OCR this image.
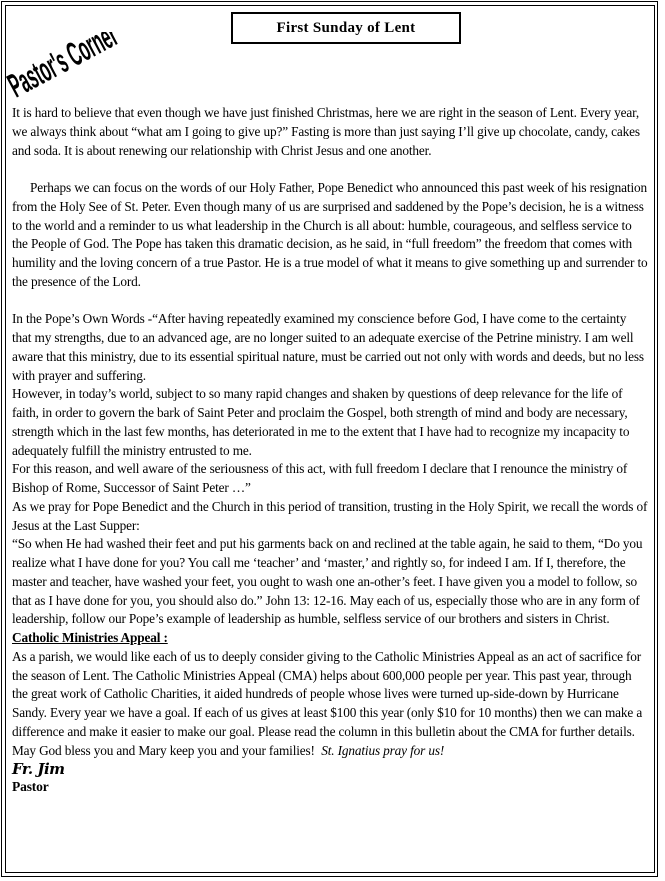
Pastor's Corner	First Sunday of Lent

It is hard to believe that even though we have just finished Christmas, here we are right in the season of Lent. Every year, we always think about “what am I going to give up?” Fasting is more than just saying I’ll give up chocolate, candy, cakes and soda. It is about renewing our relationship with Christ Jesus and one another.

Perhaps we can focus on the words of our Holy Father, Pope Benedict who announced this past week of his resignation from the Holy See of St. Peter. Even though many of us are surprised and saddened by the Pope’s decision, he is a witness to the world and a reminder to us what leadership in the Church is all about: humble, courageous, and selfless service to the People of God. The Pope has taken this dramatic decision, as he said, in “full freedom” the freedom that comes with humility and the loving concern of a true Pastor. He is a true model of what it means to give something up and surrender to the presence of the Lord.

In the Pope’s Own Words -“After having repeatedly examined my conscience before God, I have come to the certainty that my strengths, due to an advanced age, are no longer suited to an adequate exercise of the Petrine ministry. I am well aware that this ministry, due to its essential spiritual nature, must be carried out not only with words and deeds, but no less with prayer and suffering.

However, in today’s world, subject to so many rapid changes and shaken by questions of deep relevance for the life of faith, in order to govern the bark of Saint Peter and proclaim the Gospel, both strength of mind and body are necessary, strength which in the last few months, has deteriorated in me to the extent that I have had to recognize my incapacity to adequately fulfill the ministry entrusted to me.

For this reason, and well aware of the seriousness of this act, with full freedom I declare that I renounce the ministry of Bishop of Rome, Successor of Saint Peter …”

As we pray for Pope Benedict and the Church in this period of transition, trusting in the Holy Spirit, we recall the words of Jesus at the Last Supper:

“So when He had washed their feet and put his garments back on and reclined at the table again, he said to them, “Do you realize what I have done for you? You call me ‘teacher’ and ‘master,’ and rightly so, for indeed I am. If I, therefore, the master and teacher, have washed your feet, you ought to wash one an-other’s feet. I have given you a model to follow, so that as I have done for you, you should also do.” John 13: 12-16. May each of us, especially those who are in any form of leadership, follow our Pope’s example of leadership as humble, selfless service of our brothers and sisters in Christ.

Catholic Ministries Appeal :

As a parish, we would like each of us to deeply consider giving to the Catholic Ministries Appeal as an act of sacrifice for the season of Lent. The Catholic Ministries Appeal (CMA) helps about 600,000 people per year. This past year, through the great work of Catholic Charities, it aided hundreds of people whose lives were turned up-side-down by Hurricane Sandy. Every year we have a goal. If each of us gives at least $100 this year (only $10 for 10 months) then we can make a difference and make it easier to make our goal. Please read the column in this bulletin about the CMA for further details. May God bless you and Mary keep you and your families! St. Ignatius pray for us!

Fr. Jim

Pastor
